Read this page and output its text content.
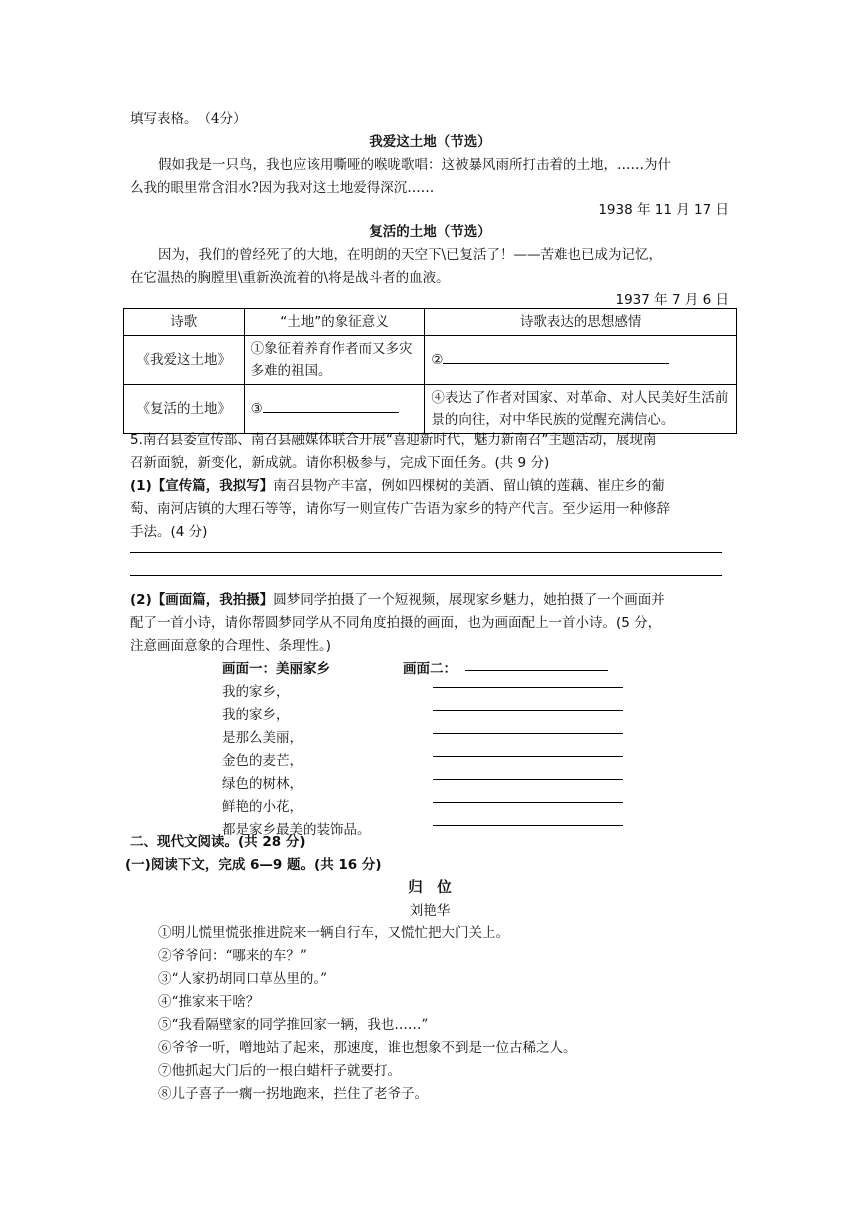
填写表格。　（4分）
我爱这土地（节选）
假如我是一只鸟，我也应该用嘶哑的喉咙歌唱：这被暴风雨所打击着的土地，……为什
么我的眼里常含泪水?因为我对这土地爱得深沉……
1938 年 11 月 17 日
复活的土地（节选）
因为，我们的曾经死了的大地，在明朗的天空下\已复活了！——苦难也已成为记忆，
在它温热的胸膛里\重新涣流着的\将是战斗者的血液。
1937 年 7 月 6 日
诗歌	“土地”的象征意义	诗歌表达的思想感情
《我爱这土地》	①象征着养育作者而又多灾多难的祖国。	②
《复活的土地》	③	④表达了作者对国家、对革命、对人民美好生活前景的向往，对中华民族的觉醒充满信心。
5.南召县委宣传部、南召县融媒体联合开展“喜迎新时代，魅力新南召”主题活动，展现南
召新面貌，新变化，新成就。请你积极参与，完成下面任务。(共 9 分)
(1)【宣传篇，我拟写】南召县物产丰富，例如四棵树的美酒、留山镇的莲藕、崔庄乡的葡
萄、南河店镇的大理石等等，请你写一则宣传广告语为家乡的特产代言。至少运用一种修辞
手法。(4 分)
(2)【画面篇，我拍摄】圆梦同学拍摄了一个短视频，展现家乡魅力，她拍摄了一个画面并
配了一首小诗，请你帮圆梦同学从不同角度拍摄的画面，也为画面配上一首小诗。(5 分，
注意画面意象的合理性、条理性。)
画面一：美丽家乡	画面二：
我的家乡，
我的家乡，
是那么美丽，
金色的麦芒，
绿色的树林，
鲜艳的小花，
都是家乡最美的装饰品。
二、现代文阅读。(共 28 分)
(一)阅读下文，完成 6—9 题。(共 16 分)
归　位
刘艳华
①明儿慌里慌张推进院来一辆自行车，又慌忙把大门关上。
②爷爷问：“哪来的车？”
③“人家扔胡同口草丛里的。”
④“推家来干啥？
⑤“我看隔壁家的同学推回家一辆，我也……”
⑥爷爷一听，噌地站了起来，那速度，谁也想象不到是一位古稀之人。
⑦他抓起大门后的一根白蜡杆子就要打。
⑧儿子喜子一瘸一拐地跑来，拦住了老爷子。
